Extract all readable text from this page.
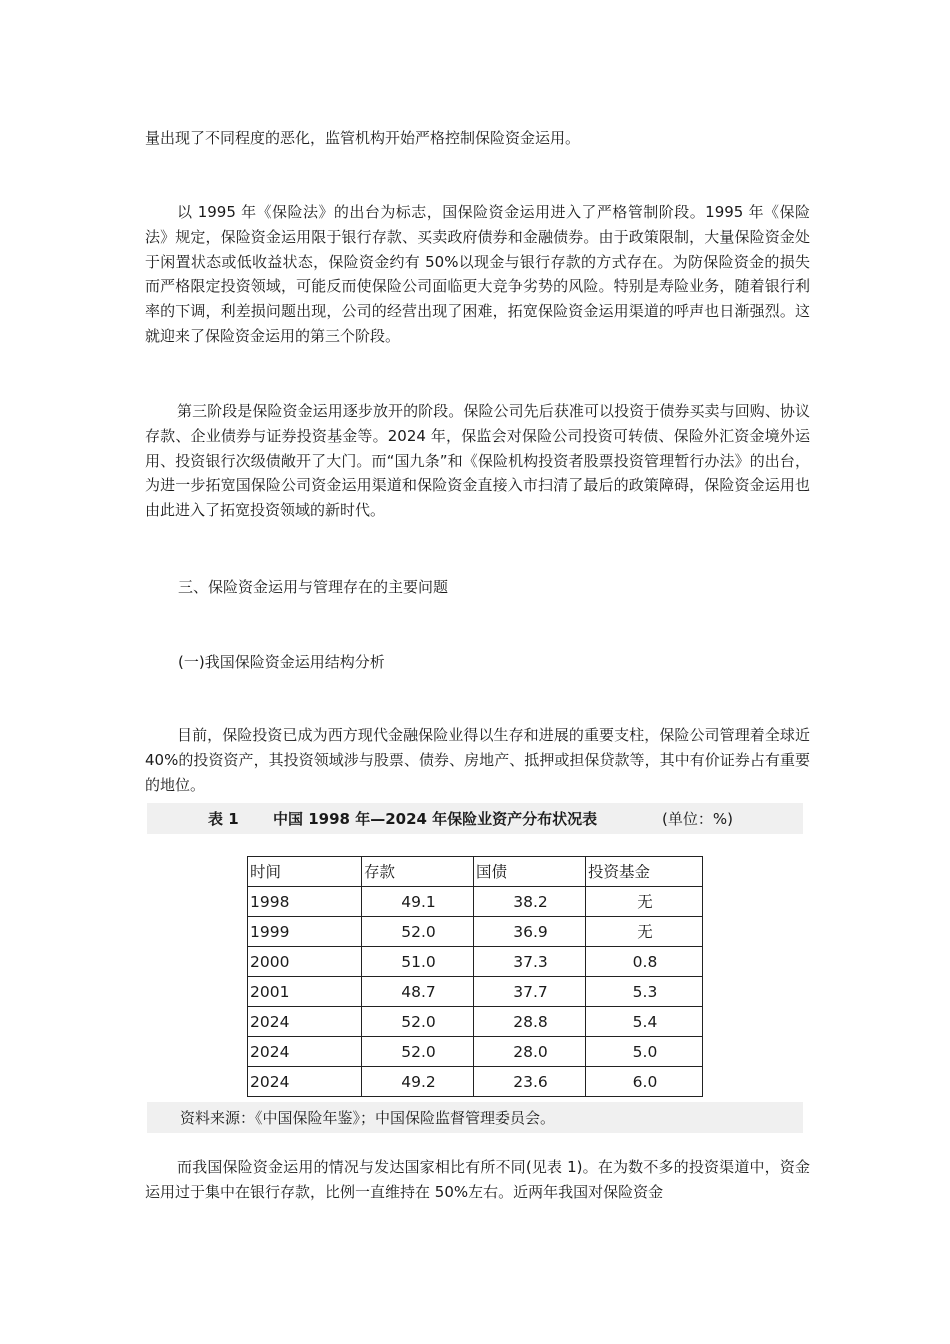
量出现了不同程度的恶化，监管机构开始严格控制保险资金运用。

以 1995 年《保险法》的出台为标志，国保险资金运用进入了严格管制阶段。1995 年《保险法》规定，保险资金运用限于银行存款、买卖政府债券和金融债券。由于政策限制，大量保险资金处于闲置状态或低收益状态，保险资金约有 50%以现金与银行存款的方式存在。为防保险资金的损失而严格限定投资领域，可能反而使保险公司面临更大竞争劣势的风险。特别是寿险业务，随着银行利率的下调，利差损问题出现，公司的经营出现了困难，拓宽保险资金运用渠道的呼声也日渐强烈。这就迎来了保险资金运用的第三个阶段。

第三阶段是保险资金运用逐步放开的阶段。保险公司先后获准可以投资于债券买卖与回购、协议存款、企业债券与证券投资基金等。2024 年，保监会对保险公司投资可转债、保险外汇资金境外运用、投资银行次级债敞开了大门。而“国九条”和《保险机构投资者股票投资管理暂行办法》的出台，为进一步拓宽国保险公司资金运用渠道和保险资金直接入市扫清了最后的政策障碍，保险资金运用也由此进入了拓宽投资领域的新时代。

三、保险资金运用与管理存在的主要问题

(一)我国保险资金运用结构分析

目前，保险投资已成为西方现代金融保险业得以生存和进展的重要支柱，保险公司管理着全球近 40%的投资资产，其投资领域涉与股票、债券、房地产、抵押或担保贷款等，其中有价证券占有重要的地位。

表 1 中国 1998 年—2024 年保险业资产分布状况表	(单位：%)
时间	存款	国债	投资基金
1998	49.1	38.2	无
1999	52.0	36.9	无
2000	51.0	37.3	0.8
2001	48.7	37.7	5.3
2024	52.0	28.8	5.4
2024	52.0	28.0	5.0
2024	49.2	23.6	6.0
资料来源：《中国保险年鉴》；中国保险监督管理委员会。

而我国保险资金运用的情况与发达国家相比有所不同(见表 1)。在为数不多的投资渠道中，资金运用过于集中在银行存款，比例一直维持在 50%左右。近两年我国对保险资金
